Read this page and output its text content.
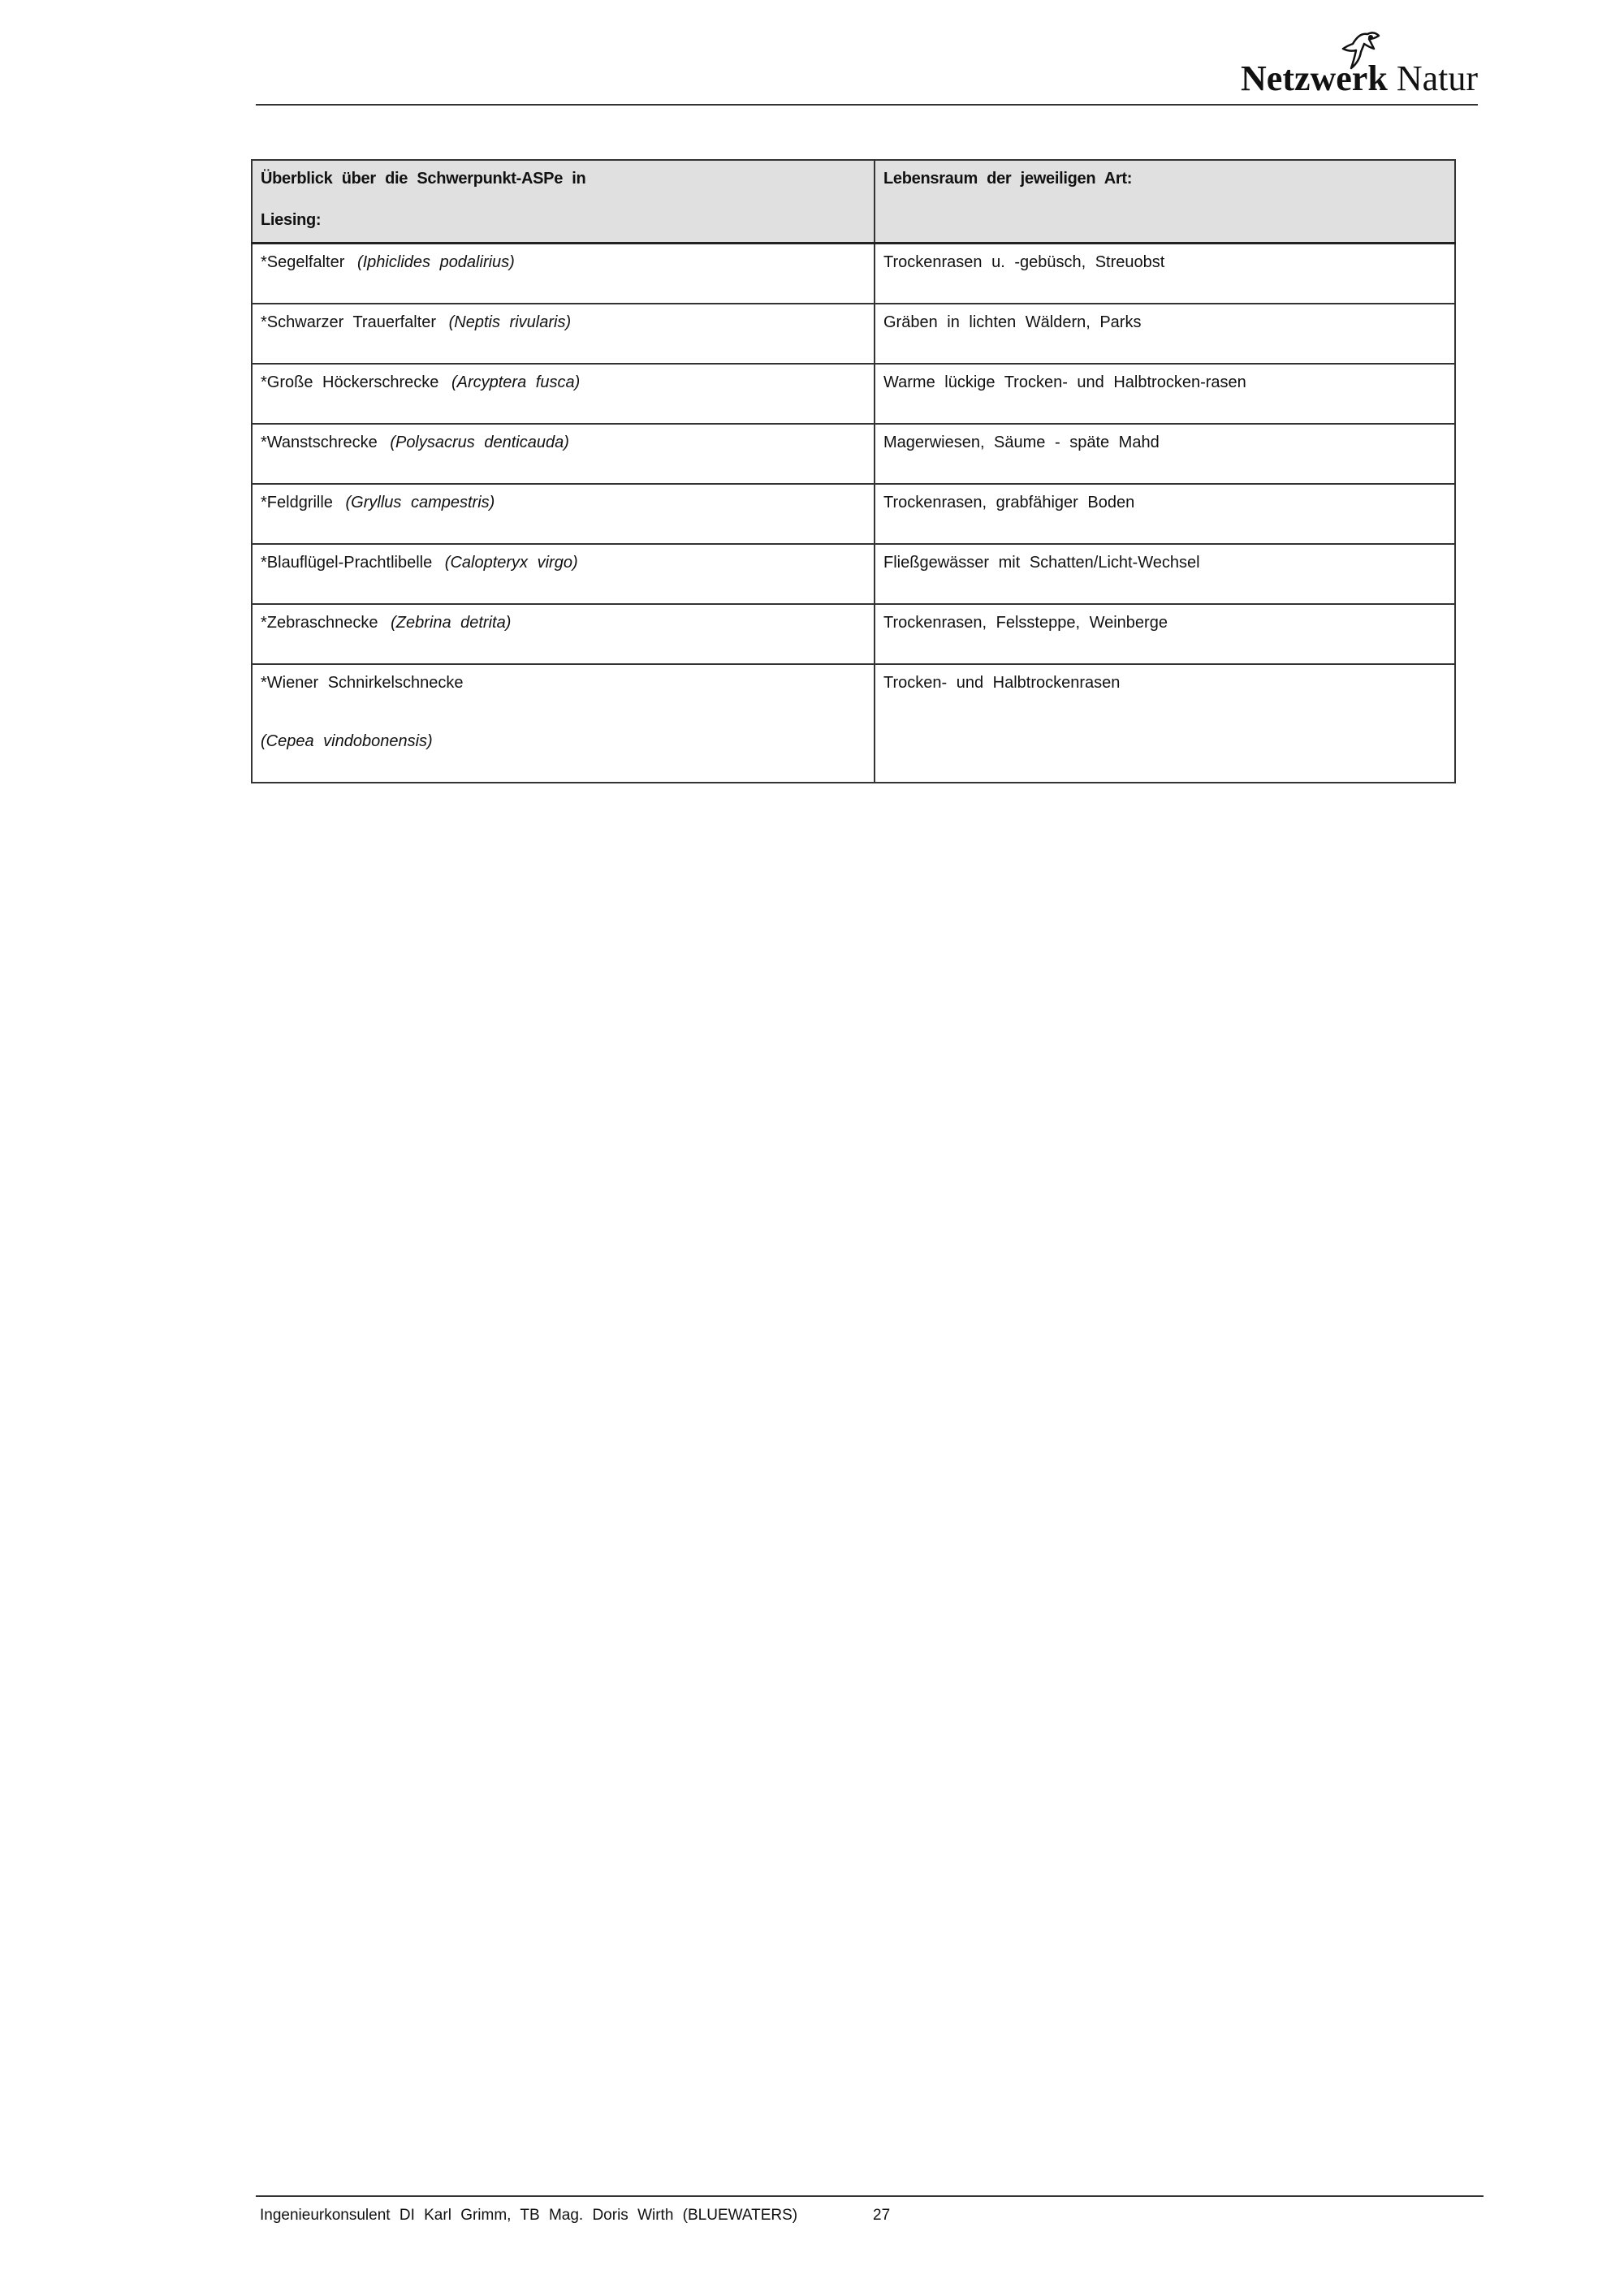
Netzwerk Natur
Überblick über die Schwerpunkt-ASPe in
Liesing:	Lebensraum der jeweiligen Art:
*Segelfalter (Iphiclides podalirius)	Trockenrasen u. -gebüsch, Streuobst
*Schwarzer Trauerfalter (Neptis rivularis)	Gräben in lichten Wäldern, Parks
*Große Höckerschrecke (Arcyptera fusca)	Warme lückige Trocken- und Halbtrocken-rasen
*Wanstschrecke (Polysacrus denticauda)	Magerwiesen, Säume - späte Mahd
*Feldgrille (Gryllus campestris)	Trockenrasen, grabfähiger Boden
*Blauflügel-Prachtlibelle (Calopteryx virgo)	Fließgewässer mit Schatten/Licht-Wechsel
*Zebraschnecke (Zebrina detrita)	Trockenrasen, Felssteppe, Weinberge
*Wiener Schnirkelschnecke
(Cepea vindobonensis)	Trocken- und Halbtrockenrasen
Ingenieurkonsulent DI Karl Grimm, TB Mag. Doris Wirth (BLUEWATERS)	27
